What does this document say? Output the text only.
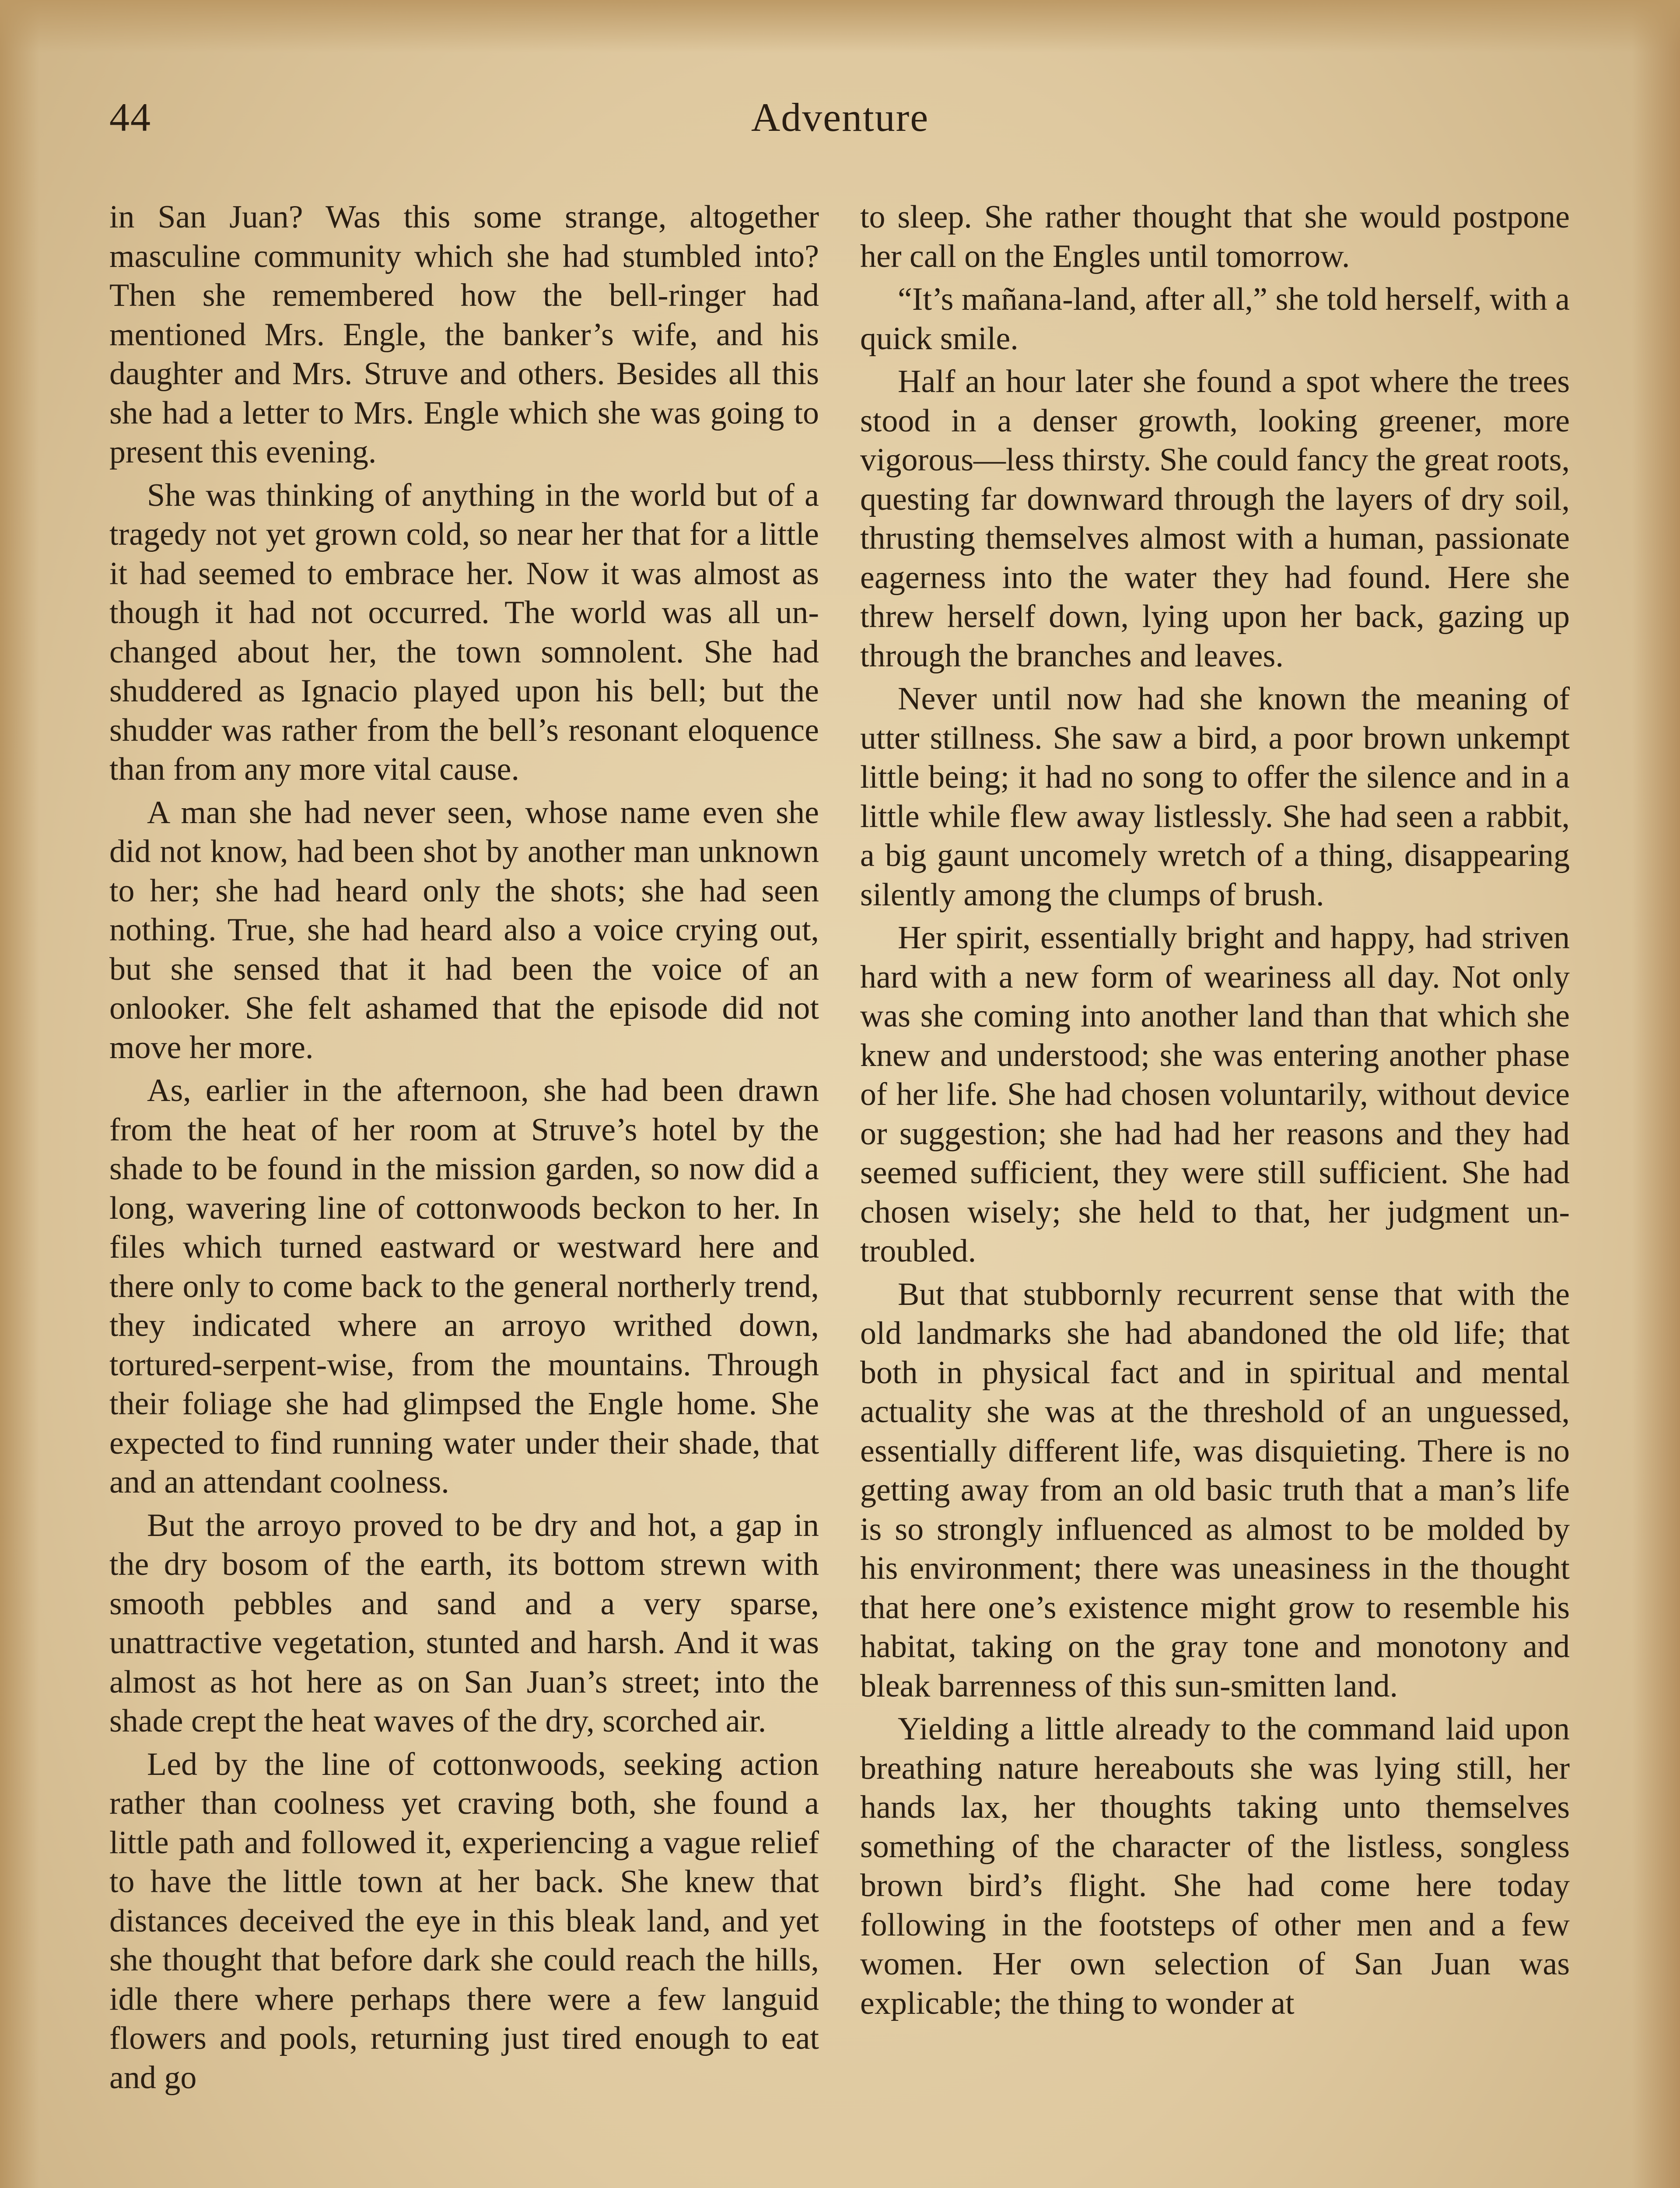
Adventure
44

in San Juan? Was this some strange, altogether masculine community which she had stumbled into? Then she remembered how the bell-ringer had mentioned Mrs. Engle, the banker’s wife, and his daughter and Mrs. Struve and others. Besides all this she had a letter to Mrs. Engle which she was going to present this evening.

She was thinking of anything in the world but of a tragedy not yet grown cold, so near her that for a little it had seemed to embrace her. Now it was almost as though it had not occurred. The world was all unchanged about her, the town somnolent. She had shuddered as Ignacio played upon his bell; but the shudder was rather from the bell’s resonant eloquence than from any more vital cause.

A man she had never seen, whose name even she did not know, had been shot by another man unknown to her; she had heard only the shots; she had seen nothing. True, she had heard also a voice crying out, but she sensed that it had been the voice of an onlooker. She felt ashamed that the episode did not move her more.

As, earlier in the afternoon, she had been drawn from the heat of her room at Struve’s hotel by the shade to be found in the mission garden, so now did a long, wavering line of cottonwoods beckon to her. In files which turned eastward or westward here and there only to come back to the general northerly trend, they indicated where an arroyo writhed down, tortured-serpent-wise, from the mountains. Through their foliage she had glimpsed the Engle home. She expected to find running water under their shade, that and an attendant coolness.

But the arroyo proved to be dry and hot, a gap in the dry bosom of the earth, its bottom strewn with smooth pebbles and sand and a very sparse, unattractive vegetation, stunted and harsh. And it was almost as hot here as on San Juan’s street; into the shade crept the heat waves of the dry, scorched air.

Led by the line of cottonwoods, seeking action rather than coolness yet craving both, she found a little path and followed it, experiencing a vague relief to have the little town at her back. She knew that distances deceived the eye in this bleak land, and yet she thought that before dark she could reach the hills, idle there where perhaps there were a few languid flowers and pools, returning just tired enough to eat and go

to sleep. She rather thought that she would postpone her call on the Engles until tomorrow.

“It’s mañana-land, after all,” she told herself, with a quick smile.

Half an hour later she found a spot where the trees stood in a denser growth, looking greener, more vigorous—less thirsty. She could fancy the great roots, questing far downward through the layers of dry soil, thrusting themselves almost with a human, passionate eagerness into the water they had found. Here she threw herself down, lying upon her back, gazing up through the branches and leaves.

Never until now had she known the meaning of utter stillness. She saw a bird, a poor brown unkempt little being; it had no song to offer the silence and in a little while flew away listlessly. She had seen a rabbit, a big gaunt uncomely wretch of a thing, disappearing silently among the clumps of brush.

Her spirit, essentially bright and happy, had striven hard with a new form of weariness all day. Not only was she coming into another land than that which she knew and understood; she was entering another phase of her life. She had chosen voluntarily, without device or suggestion; she had had her reasons and they had seemed sufficient, they were still sufficient. She had chosen wisely; she held to that, her judgment untroubled.

But that stubbornly recurrent sense that with the old landmarks she had abandoned the old life; that both in physical fact and in spiritual and mental actuality she was at the threshold of an unguessed, essentially different life, was disquieting. There is no getting away from an old basic truth that a man’s life is so strongly influenced as almost to be molded by his environment; there was uneasiness in the thought that here one’s existence might grow to resemble his habitat, taking on the gray tone and monotony and bleak barrenness of this sun-smitten land.

Yielding a little already to the command laid upon breathing nature hereabouts she was lying still, her hands lax, her thoughts taking unto themselves something of the character of the listless, songless brown bird’s flight. She had come here today following in the footsteps of other men and a few women. Her own selection of San Juan was explicable; the thing to wonder at
